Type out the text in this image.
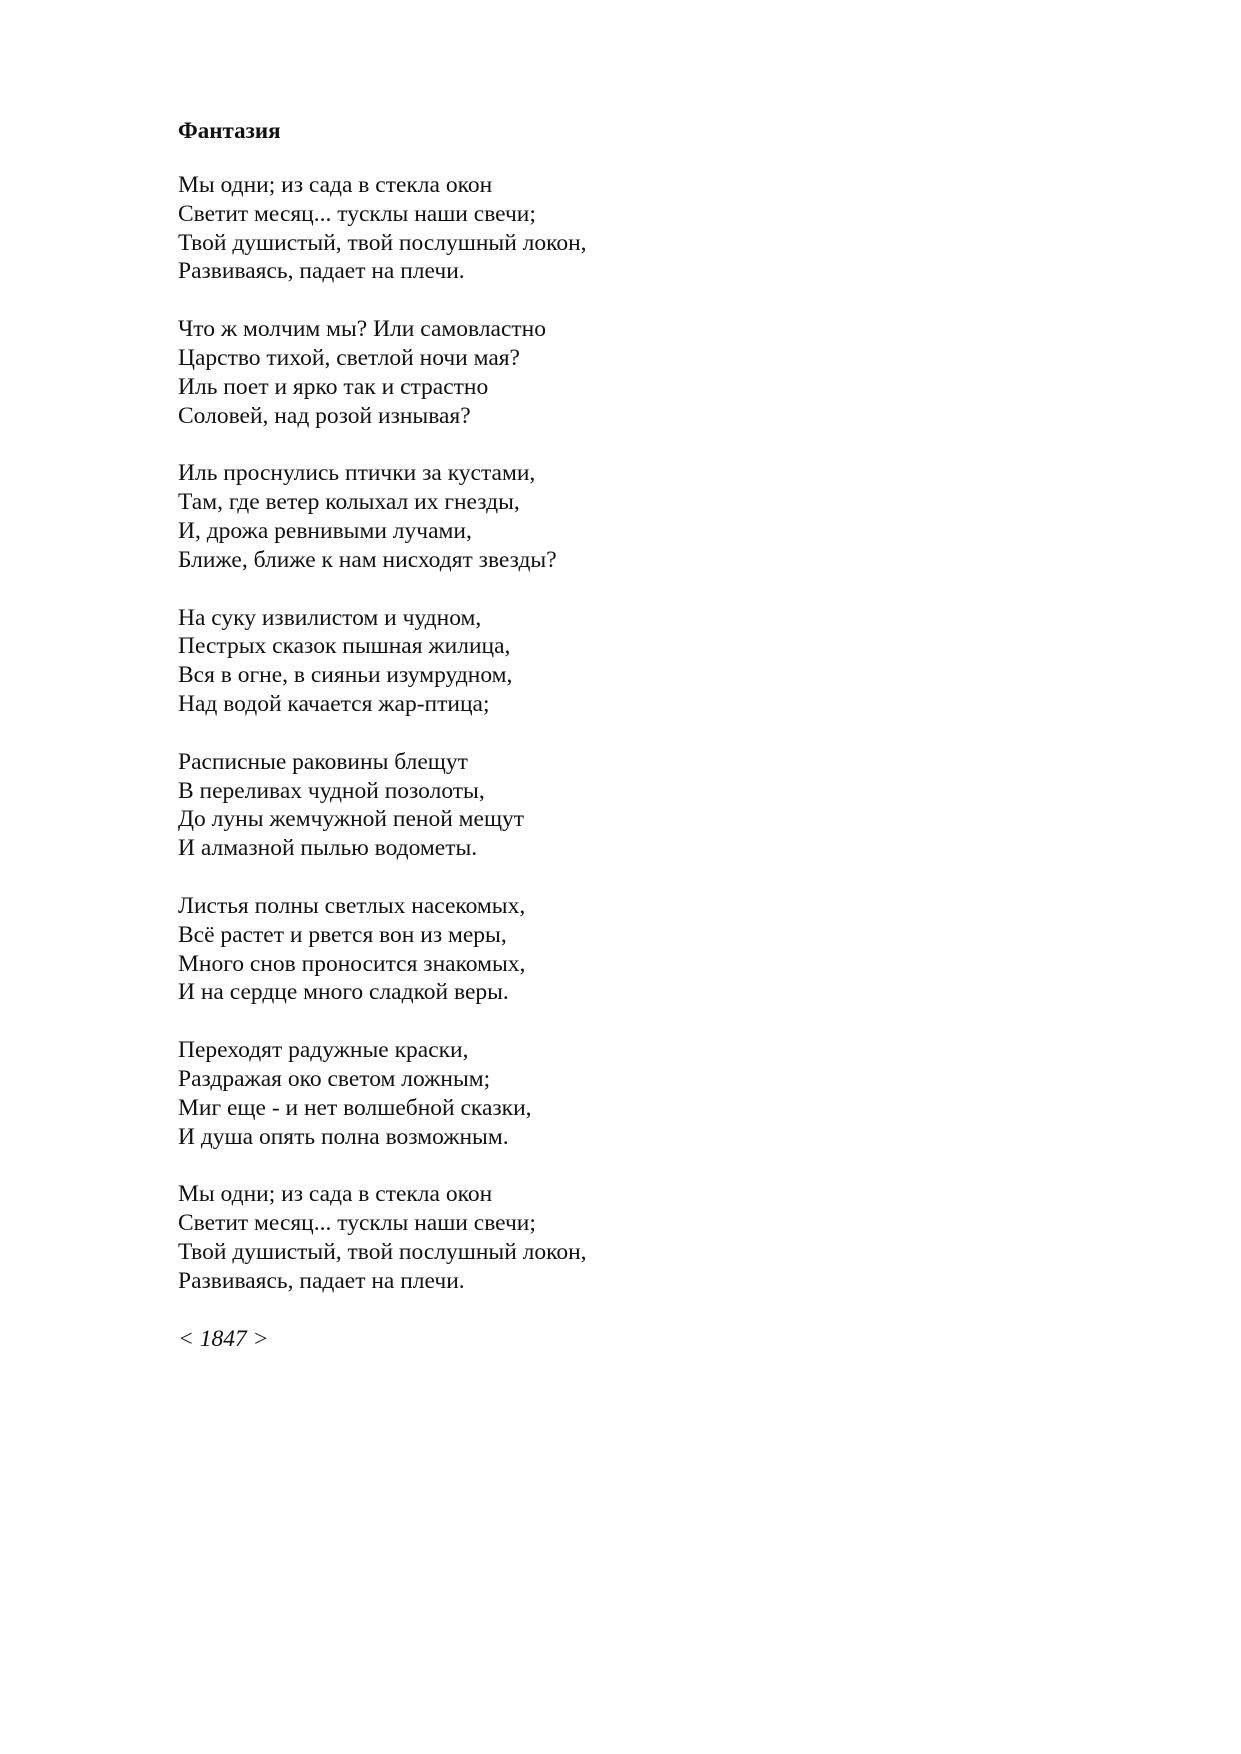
Фантазия
Мы одни; из сада в стекла окон
Светит месяц... тусклы наши свечи;
Твой душистый, твой послушный локон,
Развиваясь, падает на плечи.
Что ж молчим мы? Или самовластно
Царство тихой, светлой ночи мая?
Иль поет и ярко так и страстно
Соловей, над розой изнывая?
Иль проснулись птички за кустами,
Там, где ветер колыхал их гнезды,
И, дрожа ревнивыми лучами,
Ближе, ближе к нам нисходят звезды?
На суку извилистом и чудном,
Пестрых сказок пышная жилица,
Вся в огне, в сияньи изумрудном,
Над водой качается жар-птица;
Расписные раковины блещут
В переливах чудной позолоты,
До луны жемчужной пеной мещут
И алмазной пылью водометы.
Листья полны светлых насекомых,
Всё растет и рвется вон из меры,
Много снов проносится знакомых,
И на сердце много сладкой веры.
Переходят радужные краски,
Раздражая око светом ложным;
Миг еще - и нет волшебной сказки,
И душа опять полна возможным.
Мы одни; из сада в стекла окон
Светит месяц... тусклы наши свечи;
Твой душистый, твой послушный локон,
Развиваясь, падает на плечи.
< 1847 >
